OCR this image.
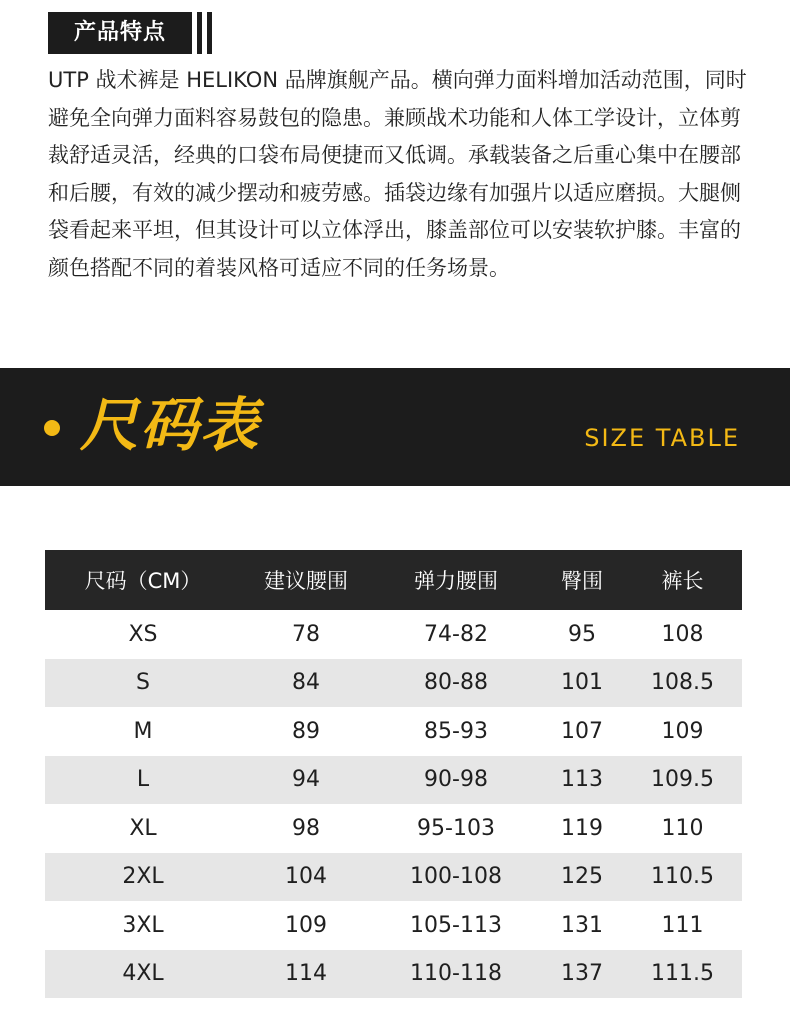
产品特点

UTP 战术裤是 HELIKON 品牌旗舰产品。横向弹力面料增加活动范围，同时避免全向弹力面料容易鼓包的隐患。兼顾战术功能和人体工学设计，立体剪裁舒适灵活，经典的口袋布局便捷而又低调。承载装备之后重心集中在腰部和后腰，有效的减少摆动和疲劳感。插袋边缘有加强片以适应磨损。大腿侧袋看起来平坦，但其设计可以立体浮出，膝盖部位可以安装软护膝。丰富的颜色搭配不同的着装风格可适应不同的任务场景。

尺码表	SIZE TABLE
尺码（CM）	建议腰围	弹力腰围	臀围	裤长
XS	78	74-82	95	108
S	84	80-88	101	108.5
M	89	85-93	107	109
L	94	90-98	113	109.5
XL	98	95-103	119	110
2XL	104	100-108	125	110.5
3XL	109	105-113	131	111
4XL	114	110-118	137	111.5
